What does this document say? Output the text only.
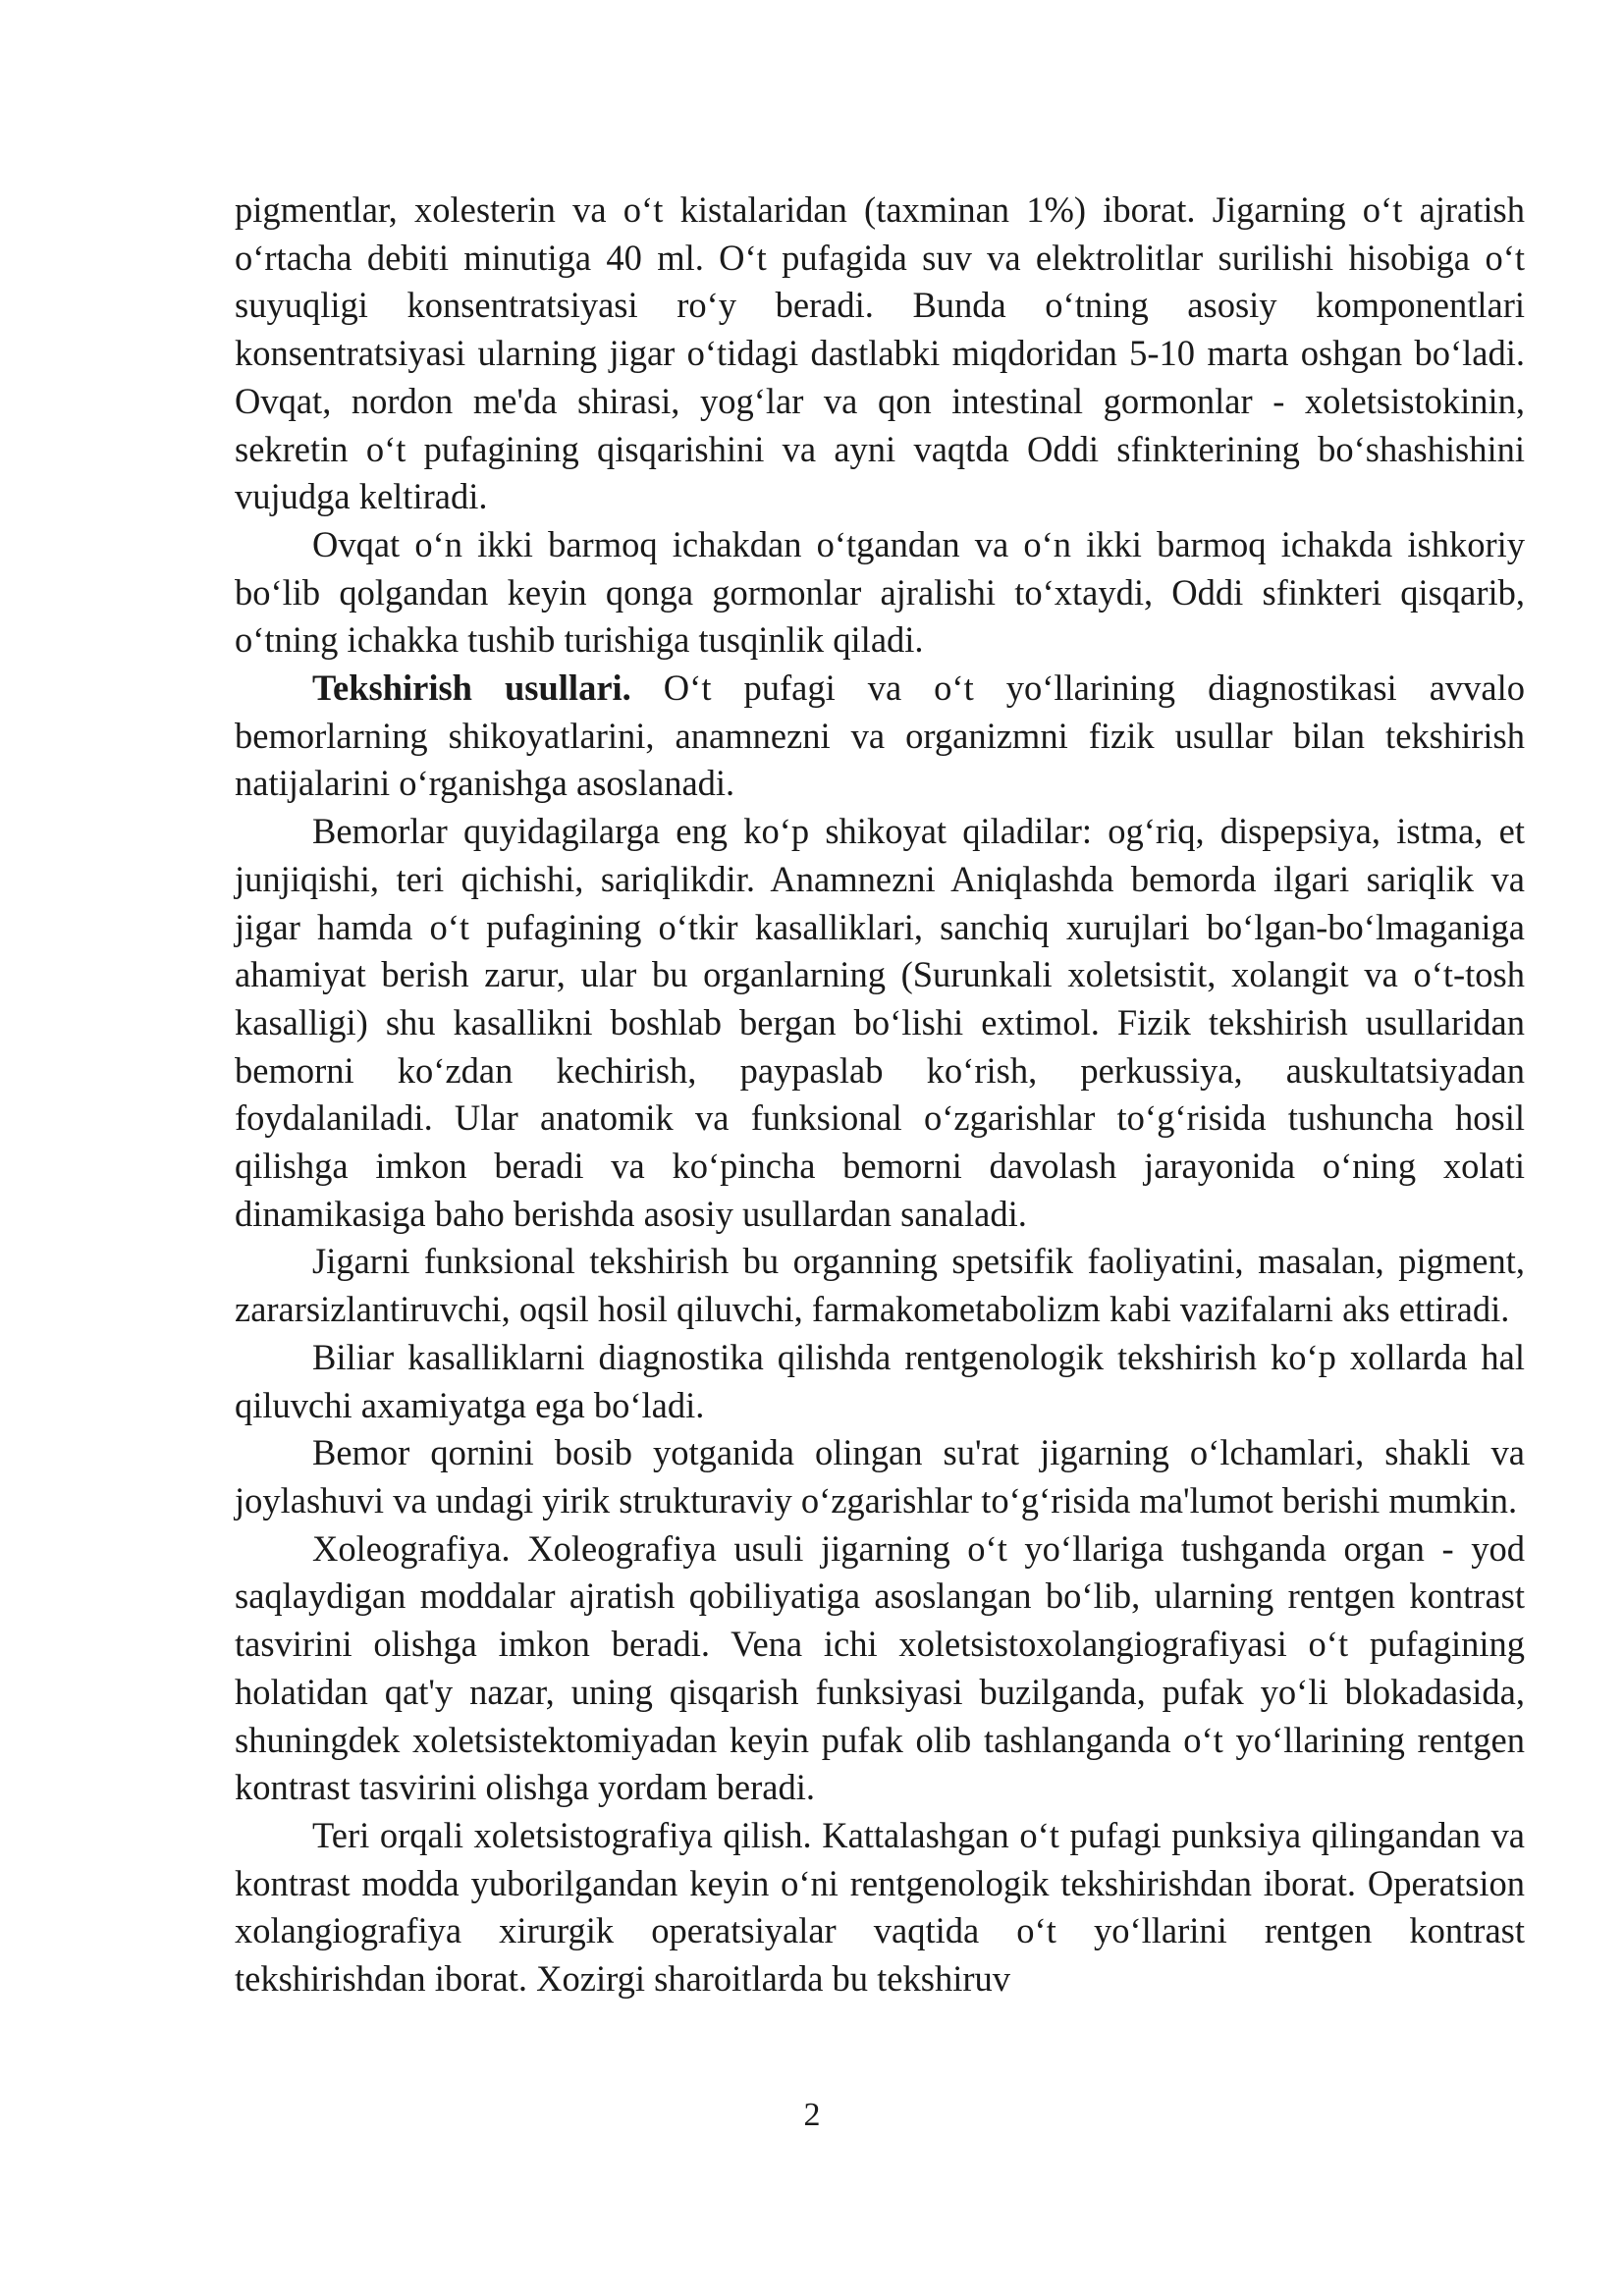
pigmentlar, xolesterin va o‘t kistalaridan (taxminan 1%) iborat. Jigarning o‘t ajratish o‘rtacha debiti minutiga 40 ml. O‘t pufagida suv va elektrolitlar surilishi hisobiga o‘t suyuqligi konsentratsiyasi ro‘y beradi. Bunda o‘tning asosiy komponentlari konsentratsiyasi ularning jigar o‘tidagi dastlabki miqdoridan 5-10 marta oshgan bo‘ladi. Ovqat, nordon me'da shirasi, yog‘lar va qon intestinal gormonlar - xoletsistokinin, sekretin o‘t pufagining qisqarishini va ayni vaqtda Oddi sfinkterining bo‘shashishini vujudga keltiradi.

Ovqat o‘n ikki barmoq ichakdan o‘tgandan va o‘n ikki barmoq ichakda ishkoriy bo‘lib qolgandan keyin qonga gormonlar ajralishi to‘xtaydi, Oddi sfinkteri qisqarib, o‘tning ichakka tushib turishiga tusqinlik qiladi.

Tekshirish usullari. O‘t pufagi va o‘t yo‘llarining diagnostikasi avvalo bemorlarning shikoyatlarini, anamnezni va organizmni fizik usullar bilan tekshirish natijalarini o‘rganishga asoslanadi.

Bemorlar quyidagilarga eng ko‘p shikoyat qiladilar: og‘riq, dispepsiya, istma, et junjiqishi, teri qichishi, sariqlikdir. Anamnezni Aniqlashda bemorda ilgari sariqlik va jigar hamda o‘t pufagining o‘tkir kasalliklari, sanchiq xurujlari bo‘lgan-bo‘lmaganiga ahamiyat berish zarur, ular bu organlarning (Surunkali xoletsistit, xolangit va o‘t-tosh kasalligi) shu kasallikni boshlab bergan bo‘lishi extimol. Fizik tekshirish usullaridan bemorni ko‘zdan kechirish, paypaslab ko‘rish, perkussiya, auskultatsiyadan foydalaniladi. Ular anatomik va funksional o‘zgarishlar to‘g‘risida tushuncha hosil qilishga imkon beradi va ko‘pincha bemorni davolash jarayonida o‘ning xolati dinamikasiga baho berishda asosiy usullardan sanaladi.

Jigarni funksional tekshirish bu organning spetsifik faoliyatini, masalan, pigment, zararsizlantiruvchi, oqsil hosil qiluvchi, farmakometabolizm kabi vazifalarni aks ettiradi.

Biliar kasalliklarni diagnostika qilishda rentgenologik tekshirish ko‘p xollarda hal qiluvchi axamiyatga ega bo‘ladi.

Bemor qornini bosib yotganida olingan su'rat jigarning o‘lchamlari, shakli va joylashuvi va undagi yirik strukturaviy o‘zgarishlar to‘g‘risida ma'lumot berishi mumkin.

Xoleografiya. Xoleografiya usuli jigarning o‘t yo‘llariga tushganda organ - yod saqlaydigan moddalar ajratish qobiliyatiga asoslangan bo‘lib, ularning rentgen kontrast tasvirini olishga imkon beradi. Vena ichi xoletsistoxolangiografiyasi o‘t pufagining holatidan qat'y nazar, uning qisqarish funksiyasi buzilganda, pufak yo‘li blokadasida, shuningdek xoletsistektomiyadan keyin pufak olib tashlanganda o‘t yo‘llarining rentgen kontrast tasvirini olishga yordam beradi.

Teri orqali xoletsistografiya qilish. Kattalashgan o‘t pufagi punksiya qilingandan va kontrast modda yuborilgandan keyin o‘ni rentgenologik tekshirishdan iborat. Operatsion xolangiografiya xirurgik operatsiyalar vaqtida o‘t yo‘llarini rentgen kontrast tekshirishdan iborat. Xozirgi sharoitlarda bu tekshiruv

2
